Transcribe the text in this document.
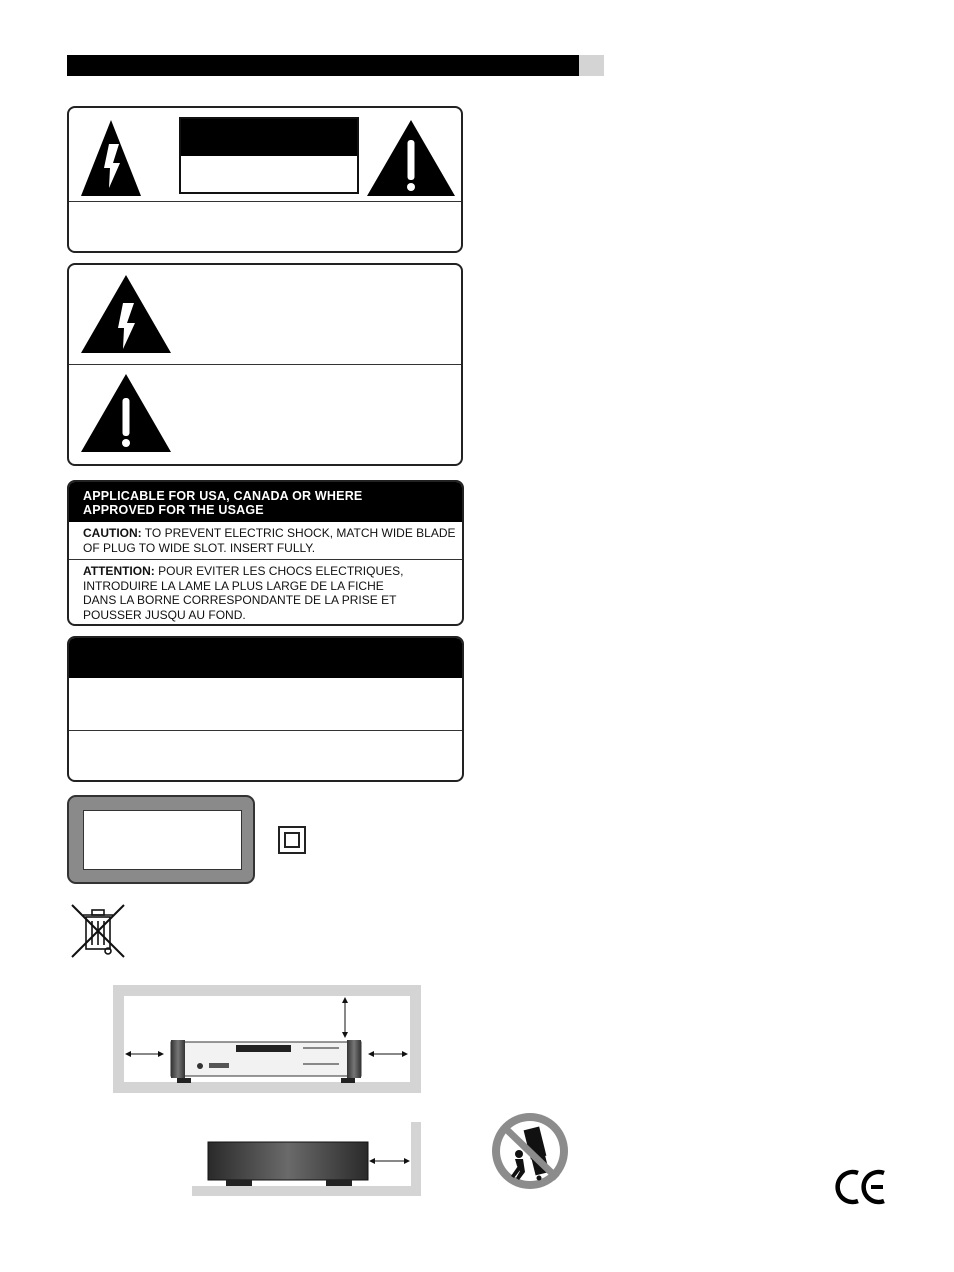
APPLICABLE FOR USA, CANADA OR WHERE
APPROVED FOR THE USAGE
CAUTION: TO PREVENT ELECTRIC SHOCK, MATCH WIDE BLADE
OF PLUG TO WIDE SLOT. INSERT FULLY.
ATTENTION: POUR EVITER LES CHOCS ELECTRIQUES,
INTRODUIRE LA LAME LA PLUS LARGE DE LA FICHE
DANS LA BORNE CORRESPONDANTE DE LA PRISE ET
POUSSER JUSQU AU FOND.
